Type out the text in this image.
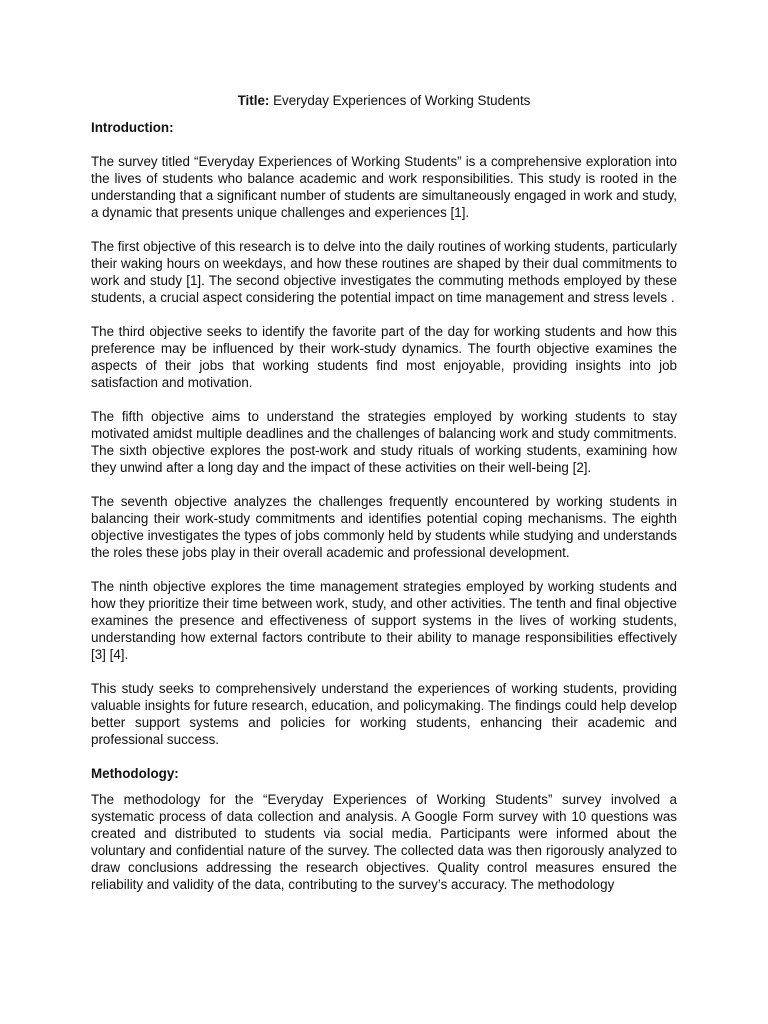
Title: Everyday Experiences of Working Students
Introduction:
The survey titled “Everyday Experiences of Working Students” is a comprehensive exploration into the lives of students who balance academic and work responsibilities. This study is rooted in the understanding that a significant number of students are simultaneously engaged in work and study, a dynamic that presents unique challenges and experiences [1].
The first objective of this research is to delve into the daily routines of working students, particularly their waking hours on weekdays, and how these routines are shaped by their dual commitments to work and study [1]. The second objective investigates the commuting methods employed by these students, a crucial aspect considering the potential impact on time management and stress levels .
The third objective seeks to identify the favorite part of the day for working students and how this preference may be influenced by their work-study dynamics. The fourth objective examines the aspects of their jobs that working students find most enjoyable, providing insights into job satisfaction and motivation.
The fifth objective aims to understand the strategies employed by working students to stay motivated amidst multiple deadlines and the challenges of balancing work and study commitments. The sixth objective explores the post-work and study rituals of working students, examining how they unwind after a long day and the impact of these activities on their well-being [2].
The seventh objective analyzes the challenges frequently encountered by working students in balancing their work-study commitments and identifies potential coping mechanisms. The eighth objective investigates the types of jobs commonly held by students while studying and understands the roles these jobs play in their overall academic and professional development.
The ninth objective explores the time management strategies employed by working students and how they prioritize their time between work, study, and other activities. The tenth and final objective examines the presence and effectiveness of support systems in the lives of working students, understanding how external factors contribute to their ability to manage responsibilities effectively [3] [4].
This study seeks to comprehensively understand the experiences of working students, providing valuable insights for future research, education, and policymaking. The findings could help develop better support systems and policies for working students, enhancing their academic and professional success.
Methodology:
The methodology for the “Everyday Experiences of Working Students” survey involved a systematic process of data collection and analysis. A Google Form survey with 10 questions was created and distributed to students via social media. Participants were informed about the voluntary and confidential nature of the survey. The collected data was then rigorously analyzed to draw conclusions addressing the research objectives. Quality control measures ensured the reliability and validity of the data, contributing to the survey’s accuracy. The methodology
